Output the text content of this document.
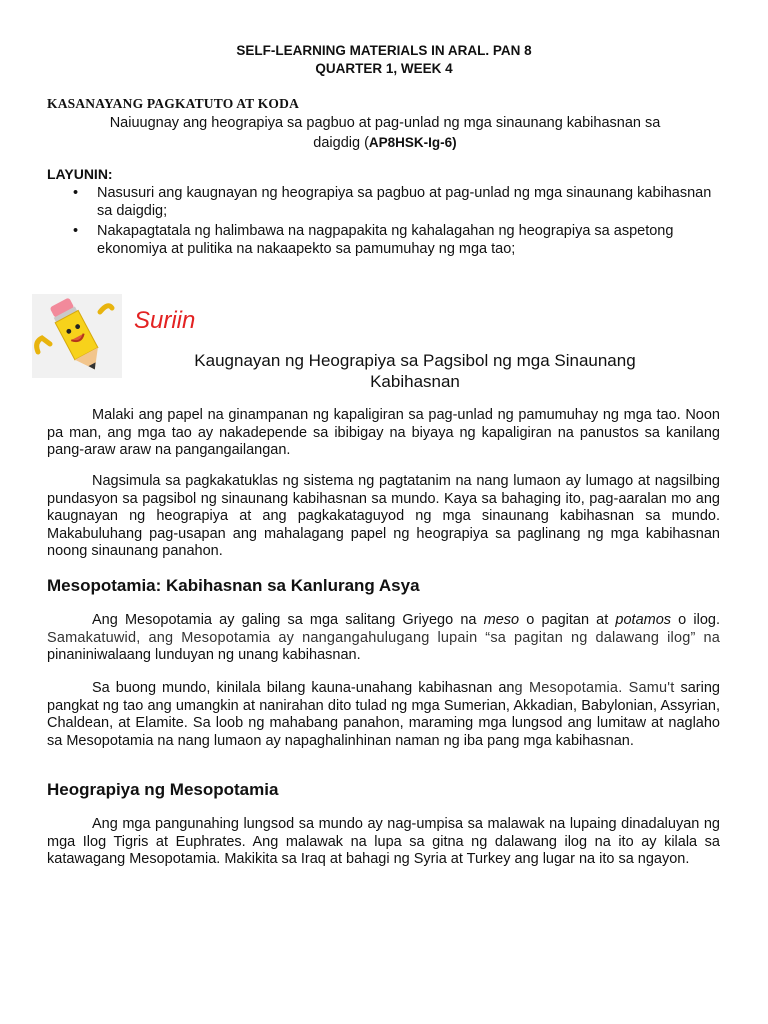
SELF-LEARNING MATERIALS IN ARAL. PAN 8
QUARTER 1, WEEK 4
KASANAYANG PAGKATUTO AT KODA
Naiuugnay ang heograpiya sa pagbuo at pag-unlad ng mga sinaunang kabihasnan sa
daigdig (AP8HSK-Ig-6)
LAYUNIN:
• Nasusuri ang kaugnayan ng heograpiya sa pagbuo at pag-unlad ng mga sinaunang kabihasnan sa daigdig;
• Nakapagtatala ng halimbawa na nagpapakita ng kahalagahan ng heograpiya sa aspetong ekonomiya at pulitika na nakaapekto sa pamumuhay ng mga tao;
Suriin
Kaugnayan ng Heograpiya sa Pagsibol ng mga Sinaunang Kabihasnan

Malaki ang papel na ginampanan ng kapaligiran sa pag-unlad ng pamumuhay ng mga tao. Noon pa man, ang mga tao ay nakadepende sa ibibigay na biyaya ng kapaligiran na panustos sa kanilang pang-araw araw na pangangailangan.

Nagsimula sa pagkakatuklas ng sistema ng pagtatanim na nang lumaon ay lumago at nagsilbing pundasyon sa pagsibol ng sinaunang kabihasnan sa mundo. Kaya sa bahaging ito, pag-aaralan mo ang kaugnayan ng heograpiya at ang pagkakataguyod ng mga sinaunang kabihasnan sa mundo. Makabuluhang pag-usapan ang mahalagang papel ng heograpiya sa paglinang ng mga kabihasnan noong sinaunang panahon.

Mesopotamia: Kabihasnan sa Kanlurang Asya

Ang Mesopotamia ay galing sa mga salitang Griyego na meso o pagitan at potamos o ilog. Samakatuwid, ang Mesopotamia ay nangangahulugang lupain “sa pagitan ng dalawang ilog” na pinaniniwalaang lunduyan ng unang kabihasnan.

Sa buong mundo, kinilala bilang kauna-unahang kabihasnan ang Mesopotamia. Samu't saring pangkat ng tao ang umangkin at nanirahan dito tulad ng mga Sumerian, Akkadian, Babylonian, Assyrian, Chaldean, at Elamite. Sa loob ng mahabang panahon, maraming mga lungsod ang lumitaw at naglaho sa Mesopotamia na nang lumaon ay napaghalinhinan naman ng iba pang mga kabihasnan.

Heograpiya ng Mesopotamia

Ang mga pangunahing lungsod sa mundo ay nag-umpisa sa malawak na lupaing dinadaluyan ng mga Ilog Tigris at Euphrates. Ang malawak na lupa sa gitna ng dalawang ilog na ito ay kilala sa katawagang Mesopotamia. Makikita sa Iraq at bahagi ng Syria at Turkey ang lugar na ito sa ngayon.
